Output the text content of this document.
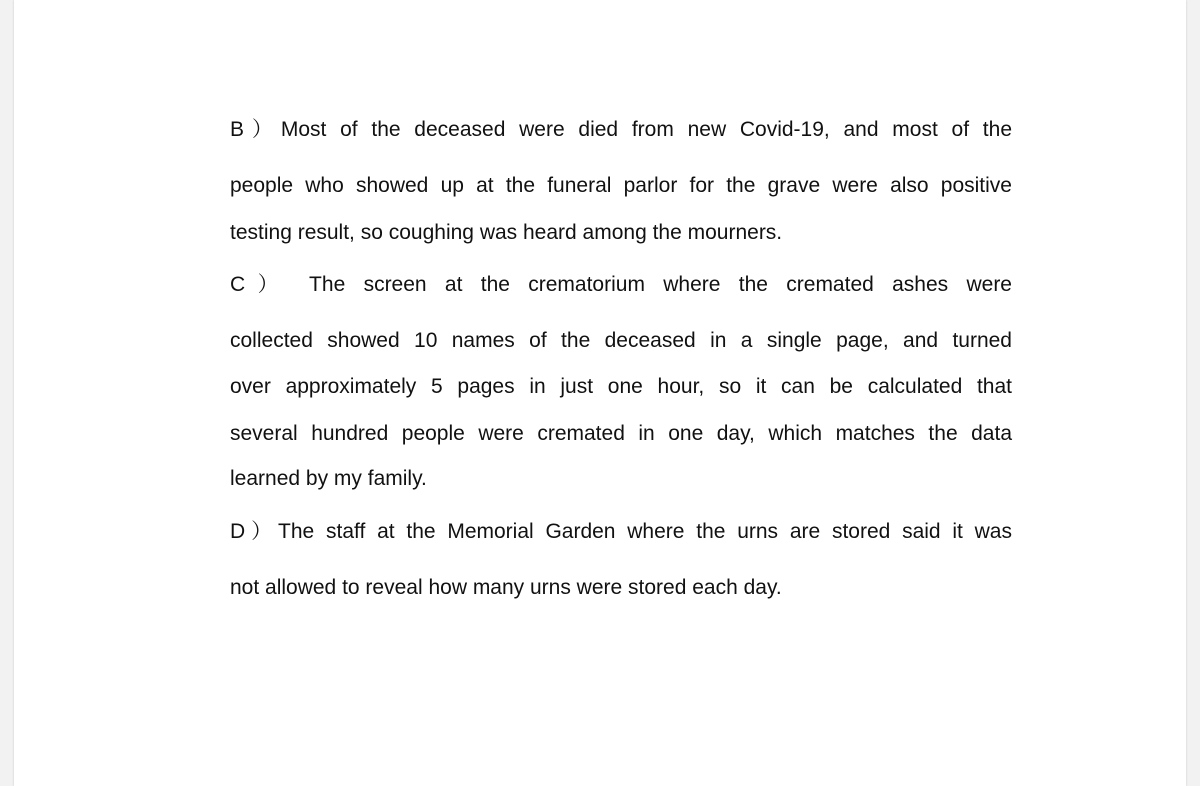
B）Most of the deceased were died from new Covid-19, and most of the
people who showed up at the funeral parlor for the grave were also positive
testing result, so coughing was heard among the mourners.
C） The screen at the crematorium where the cremated ashes were
collected showed 10 names of the deceased in a single page, and turned
over approximately 5 pages in just one hour, so it can be calculated that
several hundred people were cremated in one day, which matches the data
learned by my family.
D）The staff at the Memorial Garden where the urns are stored said it was
not allowed to reveal how many urns were stored each day.
